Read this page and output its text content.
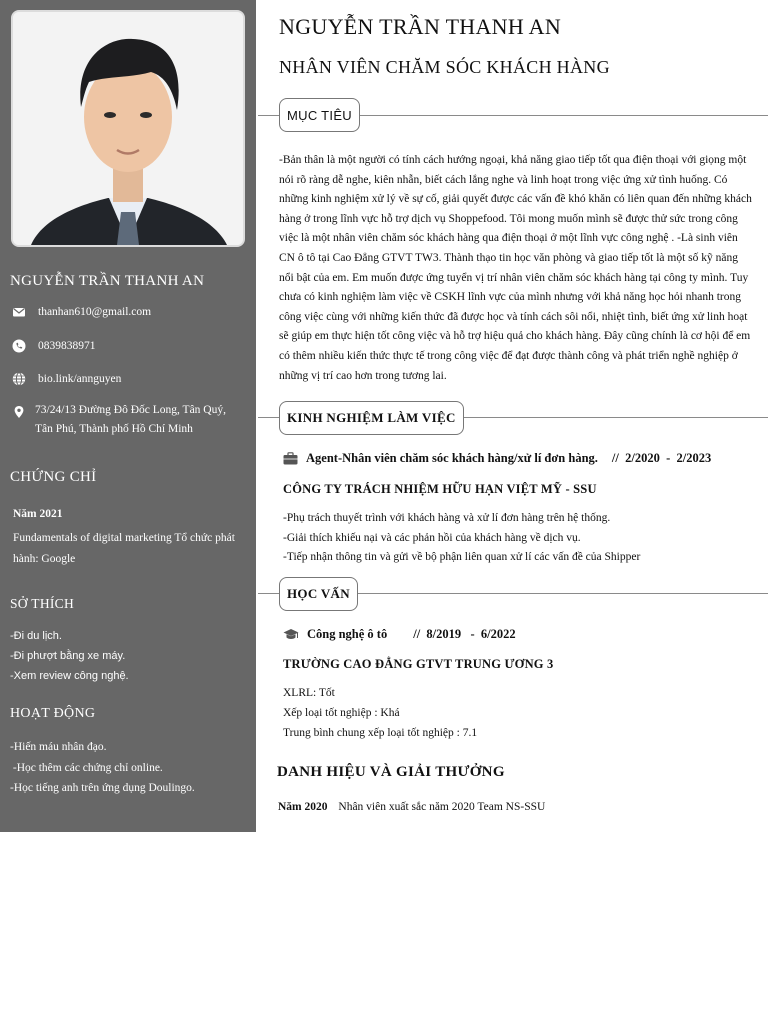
NGUYỄN TRẦN THANH AN
thanhan610@gmail.com
0839838971
bio.link/annguyen
73/24/13 Đường Đô Đốc Long, Tân Quý,
Tân Phú, Thành phố Hồ Chí Minh
CHỨNG CHỈ
Năm 2021
Fundamentals of digital marketing Tổ chức phát
hành: Google
SỞ THÍCH
-Đi du lịch.
-Đi phượt bằng xe máy.
-Xem review công nghệ.
HOẠT ĐỘNG
-Hiến máu nhân đạo.
-Học thêm các chứng chỉ online.
-Học tiếng anh trên ứng dụng Doulingo.
NGUYỄN TRẦN THANH AN
NHÂN VIÊN CHĂM SÓC KHÁCH HÀNG
MỤC TIÊU
-Bản thân là một người có tính cách hướng ngoại, khả năng giao tiếp tốt qua điện thoại với giọng một
nói rõ ràng dễ nghe, kiên nhẫn, biết cách lắng nghe và linh hoạt trong việc ứng xử tình huống. Có
những kinh nghiệm xử lý về sự cố, giải quyết được các vấn đề khó khăn có liên quan đến những khách
hàng ở trong lĩnh vực hỗ trợ dịch vụ Shoppefood. Tôi mong muốn mình sẽ được thử sức trong công
việc là một nhân viên chăm sóc khách hàng qua điện thoại ở một lĩnh vực công nghệ . -Là sinh viên
CN ô tô tại Cao Đẳng GTVT TW3. Thành thạo tin học văn phòng và giao tiếp tốt là một số kỹ năng
nổi bật của em. Em muốn được ứng tuyển vị trí nhân viên chăm sóc khách hàng tại công ty mình. Tuy
chưa có kinh nghiệm làm việc về CSKH lĩnh vực của mình nhưng với khả năng học hỏi nhanh trong
công việc cùng với những kiến thức đã được học và tính cách sôi nổi, nhiệt tình, biết ứng xử linh hoạt
sẽ giúp em thực hiện tốt công việc và hỗ trợ hiệu quả cho khách hàng. Đây cũng chính là cơ hội để em
có thêm nhiều kiến thức thực tế trong công việc để đạt được thành công và phát triển nghề nghiệp ở
những vị trí cao hơn trong tương lai.
KINH NGHIỆM LÀM VIỆC
Agent-Nhân viên chăm sóc khách hàng/xử lí đơn hàng. //  2/2020  -  2/2023
CÔNG TY TRÁCH NHIỆM HỮU HẠN VIỆT MỸ - SSU
-Phụ trách thuyết trình với khách hàng và xử lí đơn hàng trên hệ thống.
-Giải thích khiếu nại và các phản hồi của khách hàng về dịch vụ.
-Tiếp nhận thông tin và gửi về bộ phận liên quan xử lí các vấn đề của Shipper
HỌC VẤN
Công nghệ ô tô //  8/2019   -  6/2022
TRƯỜNG CAO ĐẲNG GTVT TRUNG ƯƠNG 3
XLRL: Tốt
Xếp loại tốt nghiệp : Khá
Trung bình chung xếp loại tốt nghiệp : 7.1
DANH HIỆU VÀ GIẢI THƯỞNG
Năm 2020 Nhân viên xuất sắc năm 2020 Team NS-SSU
